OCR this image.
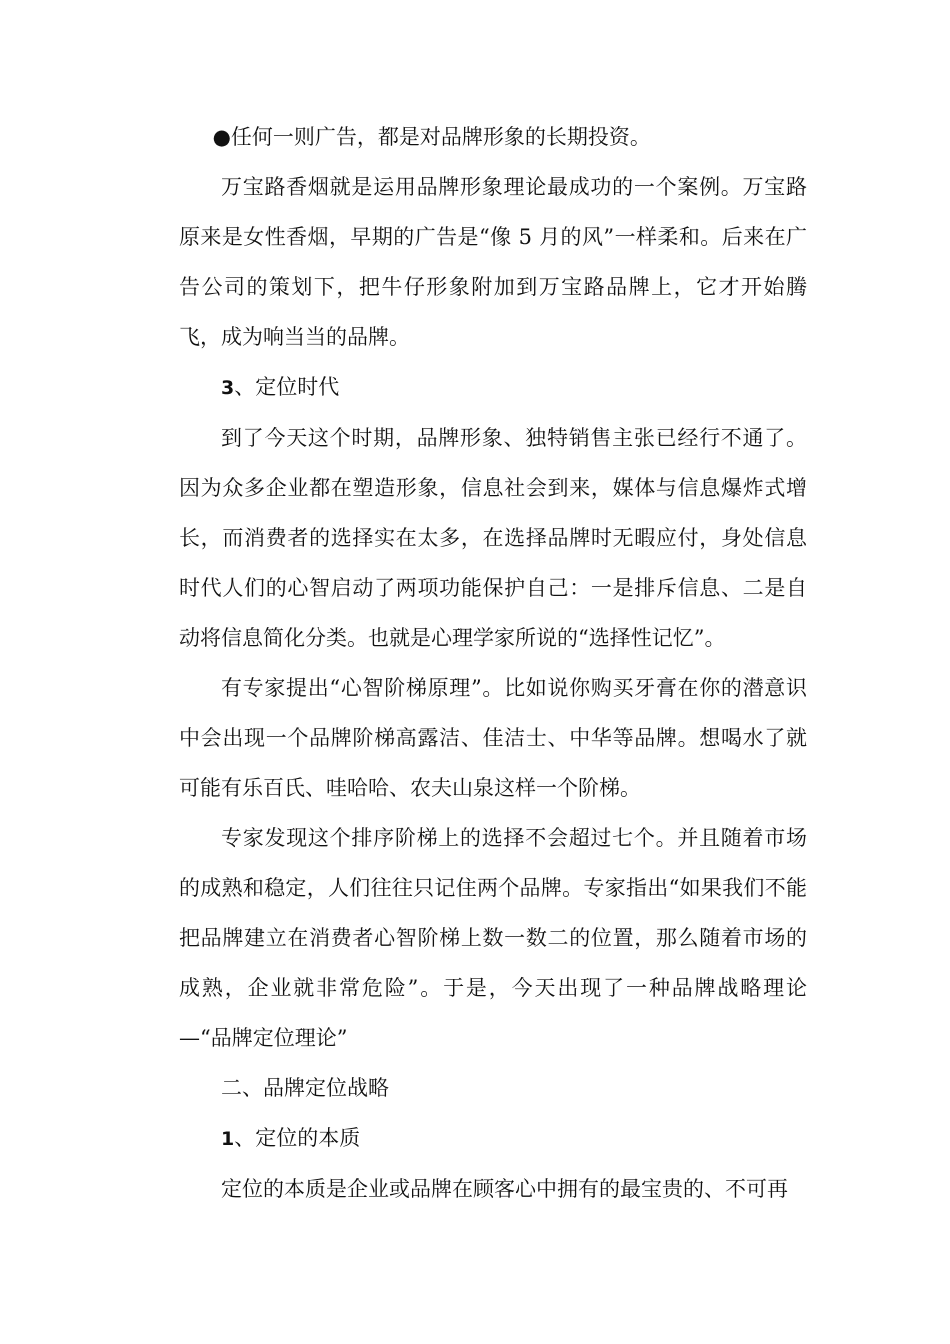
●任何一则广告，都是对品牌形象的长期投资。

万宝路香烟就是运用品牌形象理论最成功的一个案例。万宝路原来是女性香烟，早期的广告是“像 5 月的风”一样柔和。后来在广告公司的策划下，把牛仔形象附加到万宝路品牌上，它才开始腾飞，成为响当当的品牌。

3、定位时代

到了今天这个时期，品牌形象、独特销售主张已经行不通了。因为众多企业都在塑造形象，信息社会到来，媒体与信息爆炸式增长，而消费者的选择实在太多，在选择品牌时无暇应付，身处信息时代人们的心智启动了两项功能保护自己：一是排斥信息、二是自动将信息简化分类。也就是心理学家所说的“选择性记忆”。

有专家提出“心智阶梯原理”。比如说你购买牙膏在你的潜意识中会出现一个品牌阶梯高露洁、佳洁士、中华等品牌。想喝水了就可能有乐百氏、哇哈哈、农夫山泉这样一个阶梯。

专家发现这个排序阶梯上的选择不会超过七个。并且随着市场的成熟和稳定，人们往往只记住两个品牌。专家指出“如果我们不能把品牌建立在消费者心智阶梯上数一数二的位置，那么随着市场的成熟，企业就非常危险”。于是，今天出现了一种品牌战略理论—“品牌定位理论”

二、品牌定位战略

1、定位的本质

定位的本质是企业或品牌在顾客心中拥有的最宝贵的、不可再
